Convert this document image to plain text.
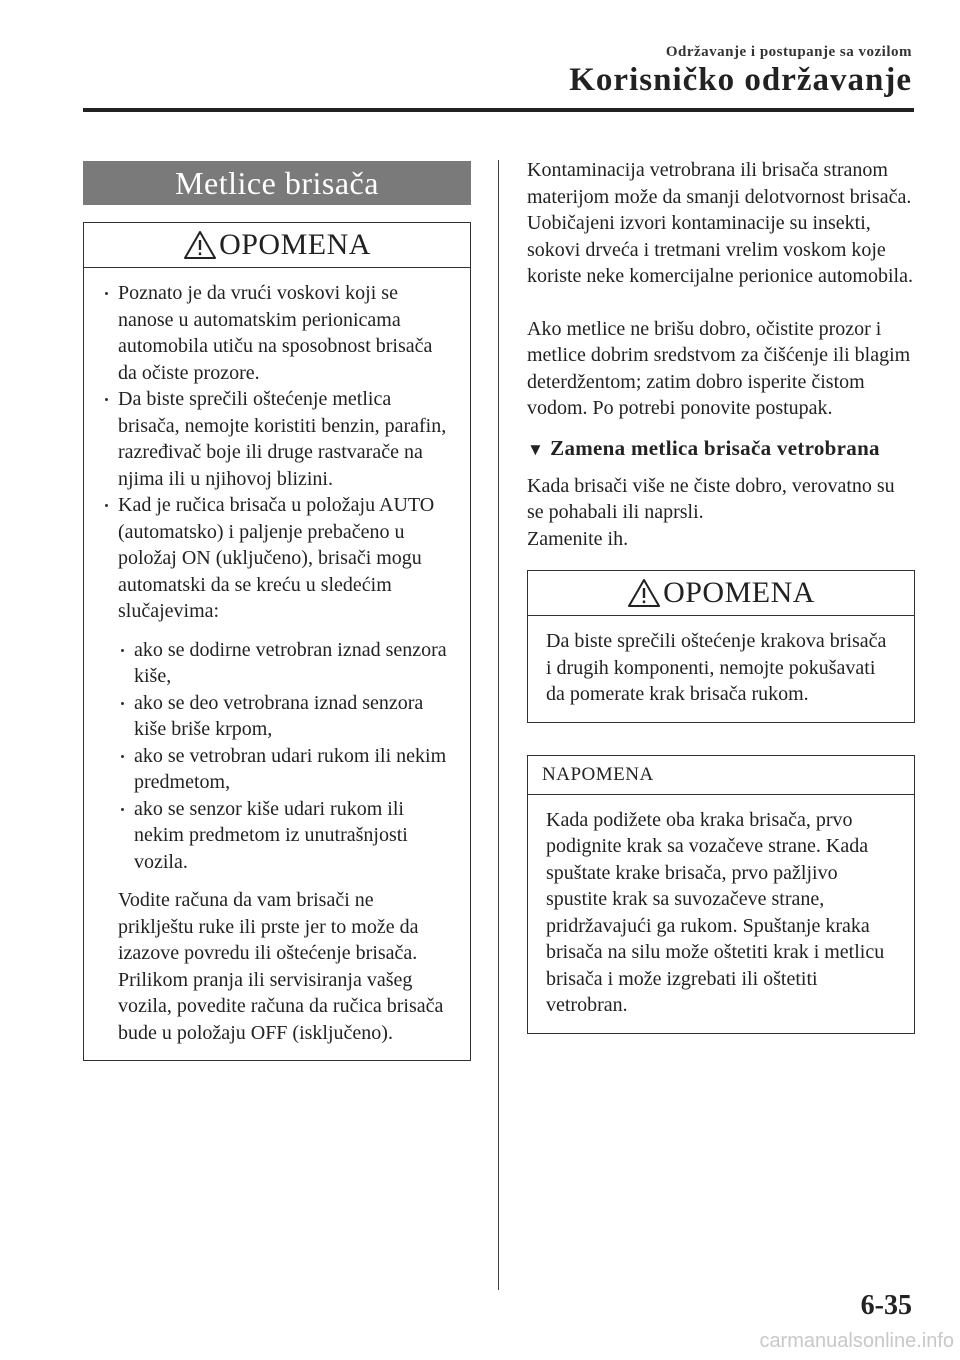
Održavanje i postupanje sa vozilom
Korisničko održavanje
Metlice brisača
OPOMENA
Poznato je da vrući voskovi koji se nanose u automatskim perionicama automobila utiču na sposobnost brisača da očiste prozore.
Da biste sprečili oštećenje metlica brisača, nemojte koristiti benzin, parafin, razređivač boje ili druge rastvarače na njima ili u njihovoj blizini.
Kad je ručica brisača u položaju AUTO (automatsko) i paljenje prebačeno u položaj ON (uključeno), brisači mogu automatski da se kreću u sledećim slučajevima:
ako se dodirne vetrobran iznad senzora kiše,
ako se deo vetrobrana iznad senzora kiše briše krpom,
ako se vetrobran udari rukom ili nekim predmetom,
ako se senzor kiše udari rukom ili nekim predmetom iz unutrašnjosti vozila.
Vodite računa da vam brisači ne priklještu ruke ili prste jer to može da izazove povredu ili oštećenje brisača. Prilikom pranja ili servisiranja vašeg vozila, povedite računa da ručica brisača bude u položaju OFF (isključeno).
Kontaminacija vetrobrana ili brisača stranom materijom može da smanji delotvornost brisača. Uobičajeni izvori kontaminacije su insekti, sokovi drveća i tretmani vrelim voskom koje koriste neke komercijalne perionice automobila.
Ako metlice ne brišu dobro, očistite prozor i metlice dobrim sredstvom za čišćenje ili blagim deterdžentom; zatim dobro isperite čistom vodom. Po potrebi ponovite postupak.
▼ Zamena metlica brisača vetrobrana
Kada brisači više ne čiste dobro, verovatno su se pohabali ili naprsli.
Zamenite ih.
OPOMENA
Da biste sprečili oštećenje krakova brisača i drugih komponenti, nemojte pokušavati da pomerate krak brisača rukom.
NAPOMENA
Kada podižete oba kraka brisača, prvo podignite krak sa vozačeve strane. Kada spuštate krake brisača, prvo pažljivo spustite krak sa suvozačeve strane, pridržavajući ga rukom. Spuštanje kraka brisača na silu može oštetiti krak i metlicu brisača i može izgrebati ili oštetiti vetrobran.
6-35
carmanualsonline.info
